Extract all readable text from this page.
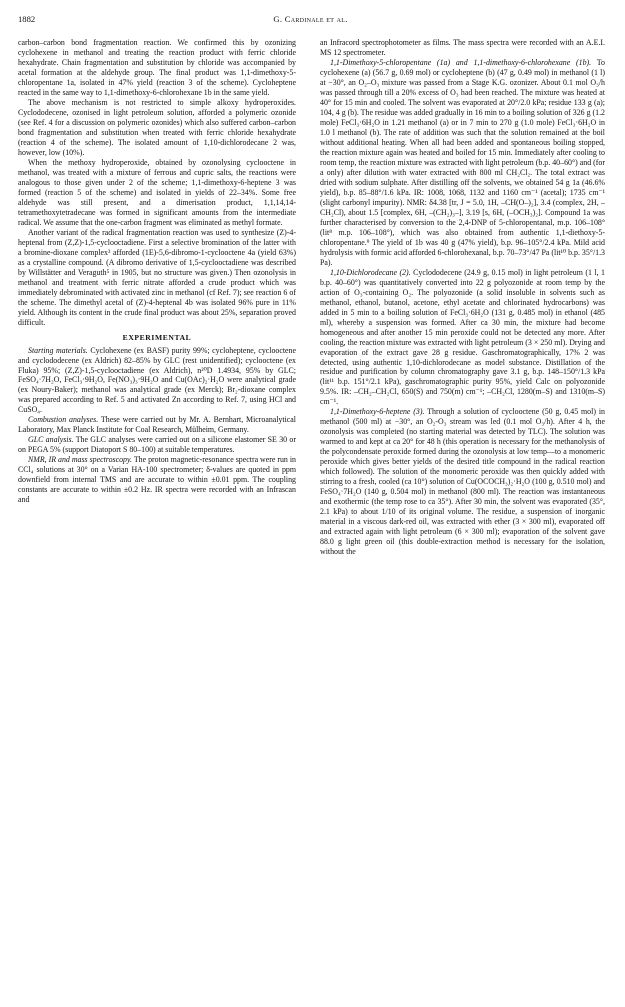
1882	G. Cardinale et al.

carbon–carbon bond fragmentation reaction. We confirmed this by ozonizing cyclohexene in methanol and treating the reaction product with ferric chloride hexahydrate. Chain fragmentation and substitution by chloride was accompanied by acetal formation at the aldehyde group. The final product was 1,1-dimethoxy-5-chloropentane 1a, isolated in 47% yield (reaction 3 of the scheme). Cycloheptene reacted in the same way to 1,1-dimethoxy-6-chlorohexane 1b in the same yield.

The above mechanism is not restricted to simple alkoxy hydroperoxides. Cyclododecene, ozonised in light petroleum solution, afforded a polymeric ozonide (see Ref. 4 for a discussion on polymeric ozonides) which also suffered carbon–carbon bond fragmentation and substitution when treated with ferric chloride hexahydrate (reaction 4 of the scheme). The isolated amount of 1,10-dichlorodecane 2 was, however, low (10%).

When the methoxy hydroperoxide, obtained by ozonolysing cyclooctene in methanol, was treated with a mixture of ferrous and cupric salts, the reactions were analogous to those given under 2 of the scheme; 1,1-dimethoxy-6-heptene 3 was formed (reaction 5 of the scheme) and isolated in yields of 22–34%. Some free aldehyde was still present, and a dimerisation product, 1,1,14,14-tetramethoxytetradecane was formed in significant amounts from the intermediate radical. We assume that the one-carbon fragment was eliminated as methyl formate.

Another variant of the radical fragmentation reaction was used to synthesize (Z)-4-heptenal from (Z,Z)-1,5-cyclooctadiene. First a selective bromination of the latter with a bromine-dioxane complex³ afforded (1E)-5,6-dibromo-1-cyclooctene 4a (yield 63%) as a crystalline compound. (A dibromo derivative of 1,5-cyclooctadiene was described by Willstätter and Veraguth⁵ in 1905, but no structure was given.) Then ozonolysis in methanol and treatment with ferric nitrate afforded a crude product which was immediately debrominated with activated zinc in methanol (cf Ref. 7); see reaction 6 of the scheme. The dimethyl acetal of (Z)-4-heptenal 4b was isolated 96% pure in 11% yield. Although its content in the crude final product was about 25%, separation proved difficult.

EXPERIMENTAL

Starting materials. Cyclohexene (ex BASF) purity 99%; cycloheptene, cyclooctene and cyclododecene (ex Aldrich) 82–85% by GLC (rest unidentified); cyclooctene (ex Fluka) 95%; (Z,Z)-1,5-cyclooctadiene (ex Aldrich), n²⁰D 1.4934, 95% by GLC; FeSO₄·7H₂O, FeCl₃·9H₂O, Fe(NO₃)₃·9H₂O and Cu(OAc)₂·H₂O were analytical grade (ex Noury-Baker); methanol was analytical grade (ex Merck); Br₂-dioxane complex was prepared according to Ref. 5 and activated Zn according to Ref. 7, using HCl and CuSO₄.

Combustion analyses. These were carried out by Mr. A. Bernhart, Microanalytical Laboratory, Max Planck Institute for Coal Research, Mülheim, Germany.

GLC analysis. The GLC analyses were carried out on a silicone elastomer SE 30 or on PEGA 5% (support Diatoport S 80–100) at suitable temperatures.

NMR, IR and mass spectroscopy. The proton magnetic-resonance spectra were run in CCl₄ solutions at 30° on a Varian HA-100 spectrometer; δ-values are quoted in ppm downfield from internal TMS and are accurate to within ±0.01 ppm. The coupling constants are accurate to within ±0.2 Hz. IR spectra were recorded with an Infrascan and

an Infracord spectrophotometer as films. The mass spectra were recorded with an A.E.I. MS 12 spectrometer.

1,1-Dimethoxy-5-chloropentane (1a) and 1,1-dimethoxy-6-chlorohexane (1b). To cyclohexene (a) (56.7 g, 0.69 mol) or cycloheptene (b) (47 g, 0.49 mol) in methanol (1 l) at −30°, an O₂–O₃ mixture was passed from a Stage K.G. ozonizer. About 0.1 mol O₃/h was passed through till a 20% excess of O₃ had been reached. The mixture was heated at 40° for 15 min and cooled. The solvent was evaporated at 20°/2.0 kPa; residue 133 g (a); 104, 4 g (b). The residue was added gradually in 16 min to a boiling solution of 326 g (1.2 mole) FeCl₃·6H₂O in 1.21 methanol (a) or in 7 min to 270 g (1.0 mole) FeCl₃·6H₂O in 1.0 l methanol (b). The rate of addition was such that the solution remained at the boil without additional heating. When all had been added and spontaneous boiling stopped, the reaction mixture again was heated and boiled for 15 min. Immediately after cooling to room temp, the reaction mixture was extracted with light petroleum (b.p. 40–60°) and (for a only) after dilution with water extracted with 800 ml CH₂Cl₂. The total extract was dried with sodium sulphate. After distilling off the solvents, we obtained 54 g 1a (46.6% yield), b.p. 85–88°/1.6 kPa. IR: 1008, 1068, 1132 and 1160 cm⁻¹ (acetal); 1735 cm⁻¹ (slight carbonyl impurity). NMR: δ4.38 [tr, J = 5.0, 1H, –CH(O–)₂], 3.4 (complex, 2H, –CH₂Cl), about 1.5 [complex, 6H, –(CH₂)₃–], 3.19 [s, 6H, (–OCH₃)₂]. Compound 1a was further characterised by conversion to the 2,4-DNP of 5-chloropentanal, m.p. 106–108° (lit⁸ m.p. 106–108°), which was also obtained from authentic 1,1-diethoxy-5-chloropentane.⁹ The yield of 1b was 40 g (47% yield), b.p. 96–105°/2.4 kPa. Mild acid hydrolysis with formic acid afforded 6-chlorohexanal, b.p. 70–73°/47 Pa (lit¹⁰ b.p. 35°/1.3 Pa).

1,10-Dichlorodecane (2). Cyclododecene (24.9 g, 0.15 mol) in light petroleum (1 l, 1 b.p. 40–60°) was quantitatively converted into 22 g polyozonide at room temp by the action of O₃-containing O₂. The polyozonide (a solid insoluble in solvents such as methanol, ethanol, butanol, acetone, ethyl acetate and chlorinated hydrocarbons) was added in 5 min to a boiling solution of FeCl₃·6H₂O (131 g, 0.485 mol) in ethanol (485 ml), whereby a suspension was formed. After ca 30 min, the mixture had become homogeneous and after another 15 min peroxide could not be detected any more. After cooling, the reaction mixture was extracted with light petroleum (3 × 250 ml). Drying and evaporation of the extract gave 28 g residue. Gaschromatographically, 17% 2 was detected, using authentic 1,10-dichlorodecane as model substance. Distillation of the residue and purification by column chromatography gave 3.1 g, b.p. 148–150°/1.3 kPa (lit¹¹ b.p. 151°/2.1 kPa), gaschromatographic purity 95%, yield Calc on polyozonide 9.5%. IR: –CH₂–CH₂Cl, 650(S) and 750(m) cm⁻¹; –CH₂Cl, 1280(m–S) and 1310(m–S) cm⁻¹.

1,1-Dimethoxy-6-heptene (3). Through a solution of cyclooctene (50 g, 0.45 mol) in methanol (500 ml) at −30°, an O₂-O₃ stream was led (0.1 mol O₃/h). After 4 h, the ozonolysis was completed (no starting material was detected by TLC). The solution was warmed to and kept at ca 20° for 48 h (this operation is necessary for the methanolysis of the polycondensate peroxide formed during the ozonolysis at low temp—to a monomeric peroxide which gives better yields of the desired title compound in the radical reaction which followed). The solution of the monomeric peroxide was then quickly added with stirring to a fresh, cooled (ca 10°) solution of Cu(OCOCH₃)₂·H₂O (100 g, 0.510 mol) and FeSO₄·7H₂O (140 g, 0.504 mol) in methanol (800 ml). The reaction was instantaneous and exothermic (the temp rose to ca 35°). After 30 min, the solvent was evaporated (35°, 2.1 kPa) to about 1/10 of its original volume. The residue, a suspension of inorganic material in a viscous dark-red oil, was extracted with ether (3 × 300 ml), evaporated off and extracted again with light petroleum (6 × 300 ml); evaporation of the solvent gave 88.0 g light green oil (this double-extraction method is necessary for the isolation, without the
